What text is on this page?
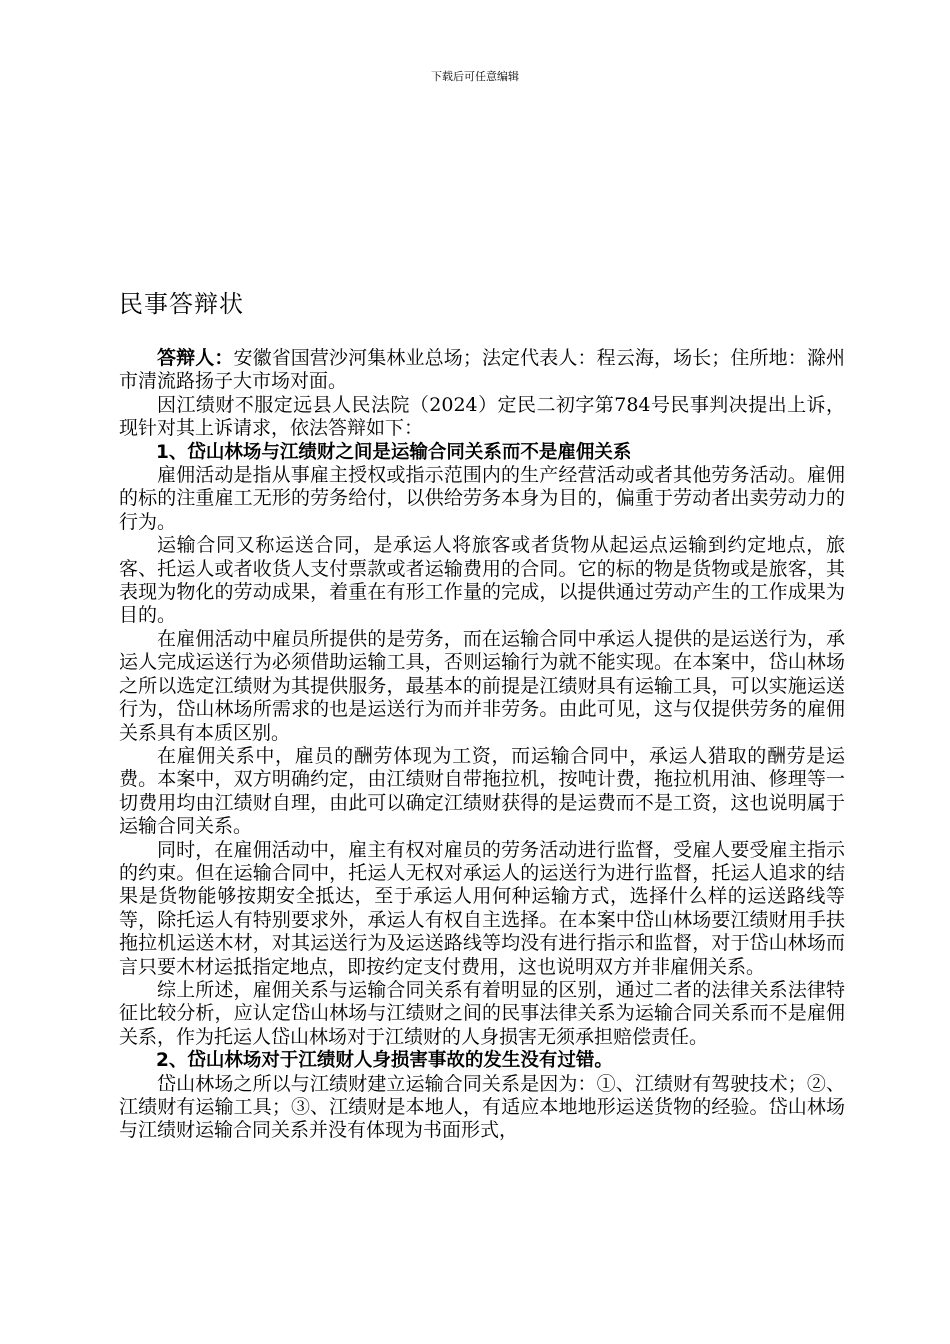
下载后可任意编辑
民事答辩状

答辩人：安徽省国营沙河集林业总场；法定代表人：程云海，场长；住所地：滁州市清流路扬子大市场对面。

因江绩财不服定远县人民法院（2024）定民二初字第784号民事判决提出上诉，现针对其上诉请求，依法答辩如下：

1、岱山林场与江绩财之间是运输合同关系而不是雇佣关系

雇佣活动是指从事雇主授权或指示范围内的生产经营活动或者其他劳务活动。雇佣的标的注重雇工无形的劳务给付，以供给劳务本身为目的，偏重于劳动者出卖劳动力的行为。

运输合同又称运送合同，是承运人将旅客或者货物从起运点运输到约定地点，旅客、托运人或者收货人支付票款或者运输费用的合同。它的标的物是货物或是旅客，其表现为物化的劳动成果，着重在有形工作量的完成，以提供通过劳动产生的工作成果为目的。

在雇佣活动中雇员所提供的是劳务，而在运输合同中承运人提供的是运送行为，承运人完成运送行为必须借助运输工具，否则运输行为就不能实现。在本案中，岱山林场之所以选定江绩财为其提供服务，最基本的前提是江绩财具有运输工具，可以实施运送行为，岱山林场所需求的也是运送行为而并非劳务。由此可见，这与仅提供劳务的雇佣关系具有本质区别。

在雇佣关系中，雇员的酬劳体现为工资，而运输合同中，承运人猎取的酬劳是运费。本案中，双方明确约定，由江绩财自带拖拉机，按吨计费，拖拉机用油、修理等一切费用均由江绩财自理，由此可以确定江绩财获得的是运费而不是工资，这也说明属于运输合同关系。

同时，在雇佣活动中，雇主有权对雇员的劳务活动进行监督，受雇人要受雇主指示的约束。但在运输合同中，托运人无权对承运人的运送行为进行监督，托运人追求的结果是货物能够按期安全抵达，至于承运人用何种运输方式，选择什么样的运送路线等等，除托运人有特别要求外，承运人有权自主选择。在本案中岱山林场要江绩财用手扶拖拉机运送木材，对其运送行为及运送路线等均没有进行指示和监督，对于岱山林场而言只要木材运抵指定地点，即按约定支付费用，这也说明双方并非雇佣关系。

综上所述，雇佣关系与运输合同关系有着明显的区别，通过二者的法律关系法律特征比较分析，应认定岱山林场与江绩财之间的民事法律关系为运输合同关系而不是雇佣关系，作为托运人岱山林场对于江绩财的人身损害无须承担赔偿责任。

2、岱山林场对于江绩财人身损害事故的发生没有过错。

岱山林场之所以与江绩财建立运输合同关系是因为：①、江绩财有驾驶技术；②、江绩财有运输工具；③、江绩财是本地人，有适应本地地形运送货物的经验。岱山林场与江绩财运输合同关系并没有体现为书面形式，
